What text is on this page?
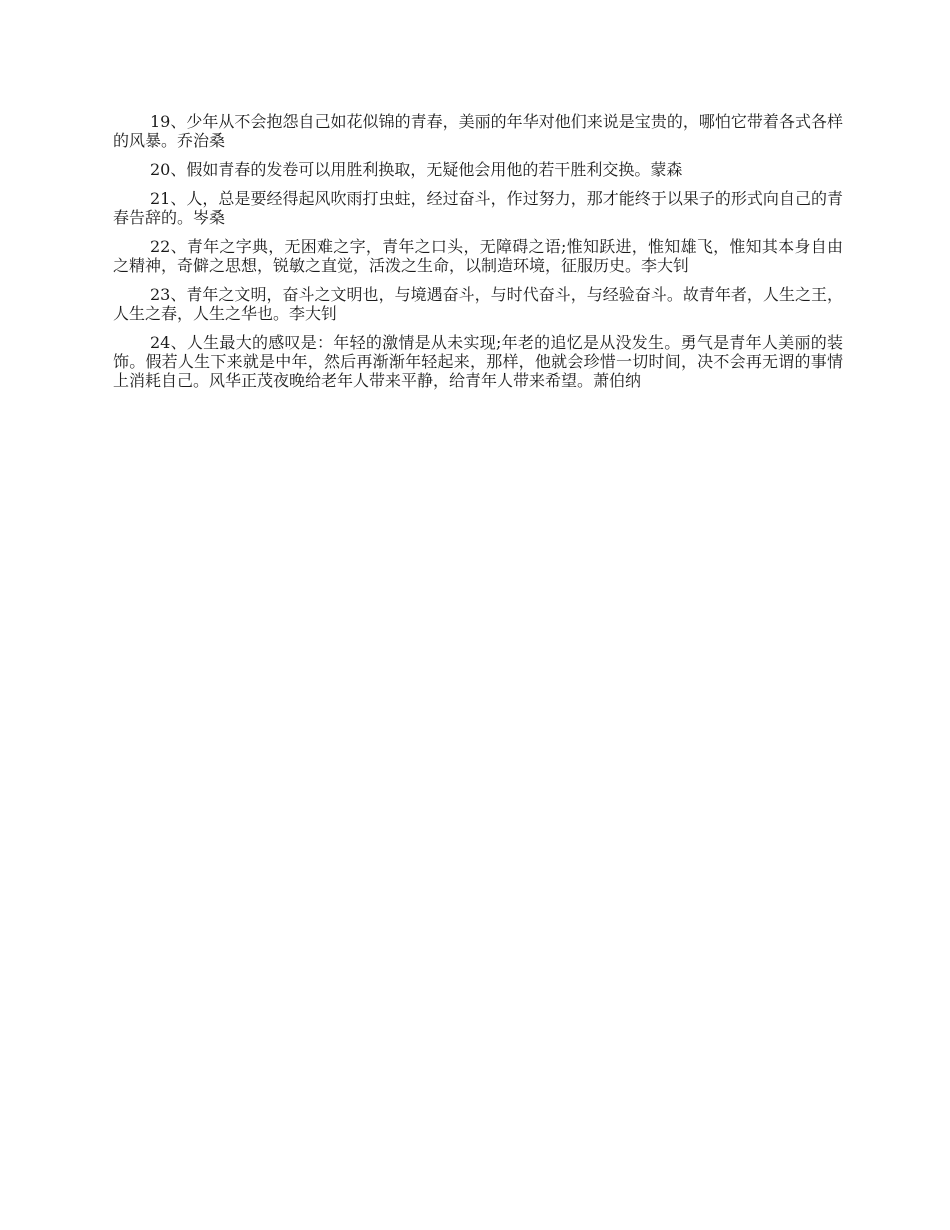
19、少年从不会抱怨自己如花似锦的青春，美丽的年华对他们来说是宝贵的，哪怕它带着各式各样的风暴。乔治桑

20、假如青春的发卷可以用胜利换取，无疑他会用他的若干胜利交换。蒙森

21、人，总是要经得起风吹雨打虫蛀，经过奋斗，作过努力，那才能终于以果子的形式向自己的青春告辞的。岑桑

22、青年之字典，无困难之字，青年之口头，无障碍之语;惟知跃进，惟知雄飞，惟知其本身自由之精神，奇僻之思想，锐敏之直觉，活泼之生命，以制造环境，征服历史。李大钊

23、青年之文明，奋斗之文明也，与境遇奋斗，与时代奋斗，与经验奋斗。故青年者，人生之王，人生之春，人生之华也。李大钊

24、人生最大的感叹是：年轻的激情是从未实现;年老的追忆是从没发生。勇气是青年人美丽的装饰。假若人生下来就是中年，然后再渐渐年轻起来，那样，他就会珍惜一切时间，决不会再无谓的事情上消耗自己。风华正茂夜晚给老年人带来平静，给青年人带来希望。萧伯纳
